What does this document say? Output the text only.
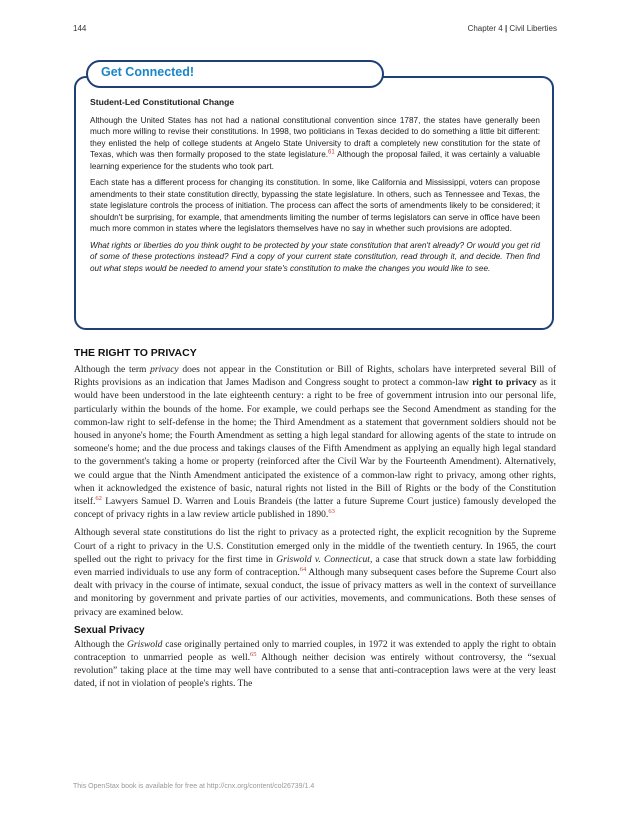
144	Chapter 4 | Civil Liberties
Get Connected!
Student-Led Constitutional Change

Although the United States has not had a national constitutional convention since 1787, the states have generally been much more willing to revise their constitutions. In 1998, two politicians in Texas decided to do something a little bit different: they enlisted the help of college students at Angelo State University to draft a completely new constitution for the state of Texas, which was then formally proposed to the state legislature.$^{61}$ Although the proposal failed, it was certainly a valuable learning experience for the students who took part.

Each state has a different process for changing its constitution. In some, like California and Mississippi, voters can propose amendments to their state constitution directly, bypassing the state legislature. In others, such as Tennessee and Texas, the state legislature controls the process of initiation. The process can affect the sorts of amendments likely to be considered; it shouldn't be surprising, for example, that amendments limiting the number of terms legislators can serve in office have been much more common in states where the legislators themselves have no say in whether such provisions are adopted.

What rights or liberties do you think ought to be protected by your state constitution that aren't already? Or would you get rid of some of these protections instead? Find a copy of your current state constitution, read through it, and decide. Then find out what steps would be needed to amend your state's constitution to make the changes you would like to see.

THE RIGHT TO PRIVACY

Although the term privacy does not appear in the Constitution or Bill of Rights, scholars have interpreted several Bill of Rights provisions as an indication that James Madison and Congress sought to protect a common-law right to privacy as it would have been understood in the late eighteenth century: a right to be free of government intrusion into our personal life, particularly within the bounds of the home. For example, we could perhaps see the Second Amendment as standing for the common-law right to self-defense in the home; the Third Amendment as a statement that government soldiers should not be housed in anyone's home; the Fourth Amendment as setting a high legal standard for allowing agents of the state to intrude on someone's home; and the due process and takings clauses of the Fifth Amendment as applying an equally high legal standard to the government's taking a home or property (reinforced after the Civil War by the Fourteenth Amendment). Alternatively, we could argue that the Ninth Amendment anticipated the existence of a common-law right to privacy, among other rights, when it acknowledged the existence of basic, natural rights not listed in the Bill of Rights or the body of the Constitution itself.$^{62}$ Lawyers Samuel D. Warren and Louis Brandeis (the latter a future Supreme Court justice) famously developed the concept of privacy rights in a law review article published in 1890.63

Although several state constitutions do list the right to privacy as a protected right, the explicit recognition by the Supreme Court of a right to privacy in the U.S. Constitution emerged only in the middle of the twentieth century. In 1965, the court spelled out the right to privacy for the first time in Griswold v. Connecticut, a case that struck down a state law forbidding even married individuals to use any form of contraception.$^{64}$ Although many subsequent cases before the Supreme Court also dealt with privacy in the course of intimate, sexual conduct, the issue of privacy matters as well in the context of surveillance and monitoring by government and private parties of our activities, movements, and communications. Both these senses of privacy are examined below.

Sexual Privacy

Although the Griswold case originally pertained only to married couples, in 1972 it was extended to apply the right to obtain contraception to unmarried people as well.$^{65}$ Although neither decision was entirely without controversy, the “sexual revolution” taking place at the time may well have contributed to a sense that anti-contraception laws were at the very least dated, if not in violation of people's rights. The

This OpenStax book is available for free at http://cnx.org/content/col26739/1.4
